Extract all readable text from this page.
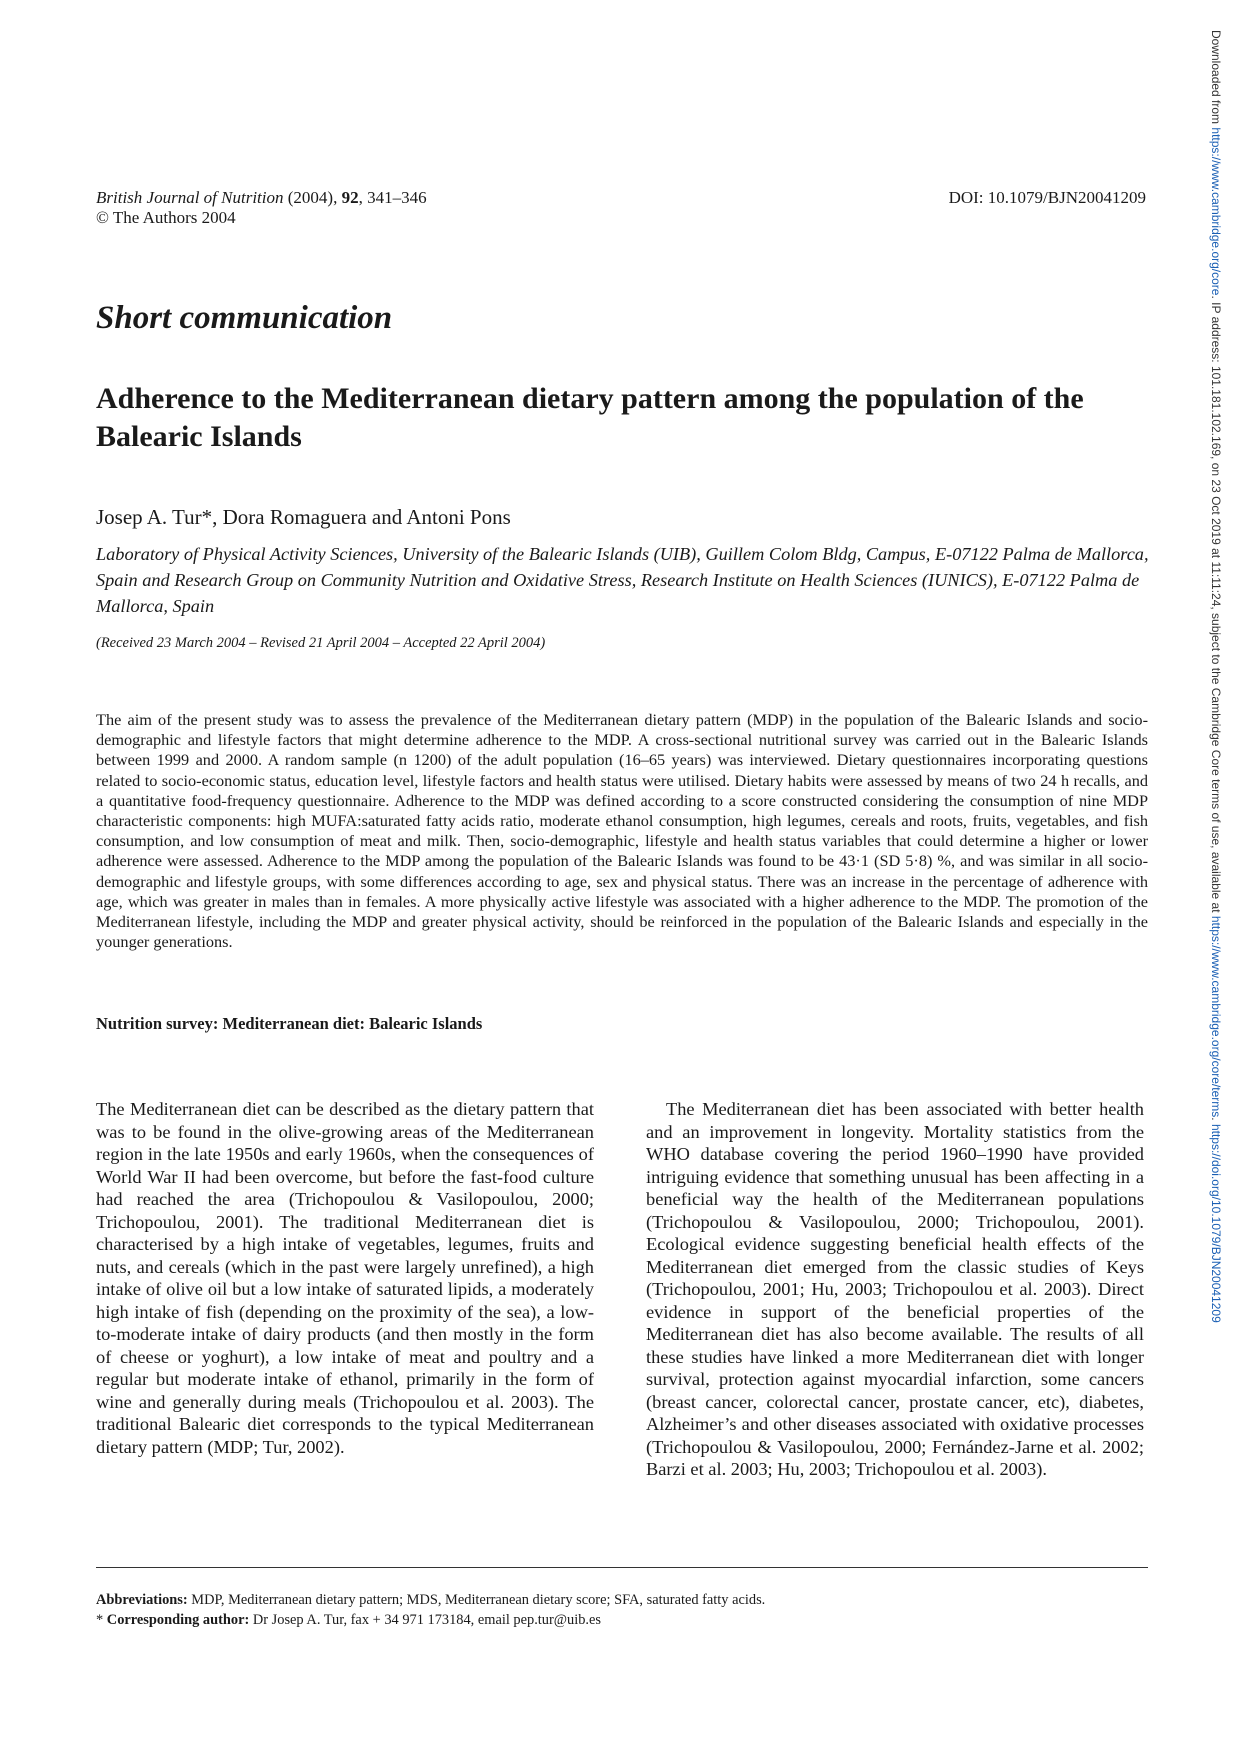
British Journal of Nutrition (2004), 92, 341–346
© The Authors 2004
DOI: 10.1079/BJN20041209
Short communication
Adherence to the Mediterranean dietary pattern among the population of the Balearic Islands
Josep A. Tur*, Dora Romaguera and Antoni Pons
Laboratory of Physical Activity Sciences, University of the Balearic Islands (UIB), Guillem Colom Bldg, Campus, E-07122 Palma de Mallorca, Spain and Research Group on Community Nutrition and Oxidative Stress, Research Institute on Health Sciences (IUNICS), E-07122 Palma de Mallorca, Spain
(Received 23 March 2004 – Revised 21 April 2004 – Accepted 22 April 2004)
The aim of the present study was to assess the prevalence of the Mediterranean dietary pattern (MDP) in the population of the Balearic Islands and socio-demographic and lifestyle factors that might determine adherence to the MDP. A cross-sectional nutritional survey was carried out in the Balearic Islands between 1999 and 2000. A random sample (n 1200) of the adult population (16–65 years) was interviewed. Dietary questionnaires incorporating questions related to socio-economic status, education level, lifestyle factors and health status were utilised. Dietary habits were assessed by means of two 24 h recalls, and a quantitative food-frequency questionnaire. Adherence to the MDP was defined according to a score constructed considering the consumption of nine MDP characteristic components: high MUFA:saturated fatty acids ratio, moderate ethanol consumption, high legumes, cereals and roots, fruits, vegetables, and fish consumption, and low consumption of meat and milk. Then, socio-demographic, lifestyle and health status variables that could determine a higher or lower adherence were assessed. Adherence to the MDP among the population of the Balearic Islands was found to be 43·1 (SD 5·8) %, and was similar in all socio-demographic and lifestyle groups, with some differences according to age, sex and physical status. There was an increase in the percentage of adherence with age, which was greater in males than in females. A more physically active lifestyle was associated with a higher adherence to the MDP. The promotion of the Mediterranean lifestyle, including the MDP and greater physical activity, should be reinforced in the population of the Balearic Islands and especially in the younger generations.
Nutrition survey: Mediterranean diet: Balearic Islands

The Mediterranean diet can be described as the dietary pattern that was to be found in the olive-growing areas of the Mediterranean region in the late 1950s and early 1960s, when the consequences of World War II had been overcome, but before the fast-food culture had reached the area (Trichopoulou & Vasilopoulou, 2000; Trichopoulou, 2001). The traditional Mediterranean diet is characterised by a high intake of vegetables, legumes, fruits and nuts, and cereals (which in the past were largely unrefined), a high intake of olive oil but a low intake of saturated lipids, a moderately high intake of fish (depending on the proximity of the sea), a low-to-moderate intake of dairy products (and then mostly in the form of cheese or yoghurt), a low intake of meat and poultry and a regular but moderate intake of ethanol, primarily in the form of wine and generally during meals (Trichopoulou et al. 2003). The traditional Balearic diet corresponds to the typical Mediterranean dietary pattern (MDP; Tur, 2002).

The Mediterranean diet has been associated with better health and an improvement in longevity. Mortality statistics from the WHO database covering the period 1960–1990 have provided intriguing evidence that something unusual has been affecting in a beneficial way the health of the Mediterranean populations (Trichopoulou & Vasilopoulou, 2000; Trichopoulou, 2001). Ecological evidence suggesting beneficial health effects of the Mediterranean diet emerged from the classic studies of Keys (Trichopoulou, 2001; Hu, 2003; Trichopoulou et al. 2003). Direct evidence in support of the beneficial properties of the Mediterranean diet has also become available. The results of all these studies have linked a more Mediterranean diet with longer survival, protection against myocardial infarction, some cancers (breast cancer, colorectal cancer, prostate cancer, etc), diabetes, Alzheimer’s and other diseases associated with oxidative processes (Trichopoulou & Vasilopoulou, 2000; Fernández-Jarne et al. 2002; Barzi et al. 2003; Hu, 2003; Trichopoulou et al. 2003).

Abbreviations: MDP, Mediterranean dietary pattern; MDS, Mediterranean dietary score; SFA, saturated fatty acids.
* Corresponding author: Dr Josep A. Tur, fax + 34 971 173184, email pep.tur@uib.es
Downloaded from https://www.cambridge.org/core. IP address: 101.181.102.169, on 23 Oct 2019 at 11:11:24, subject to the Cambridge Core terms of use, available at https://www.cambridge.org/core/terms. https://doi.org/10.1079/BJN20041209
